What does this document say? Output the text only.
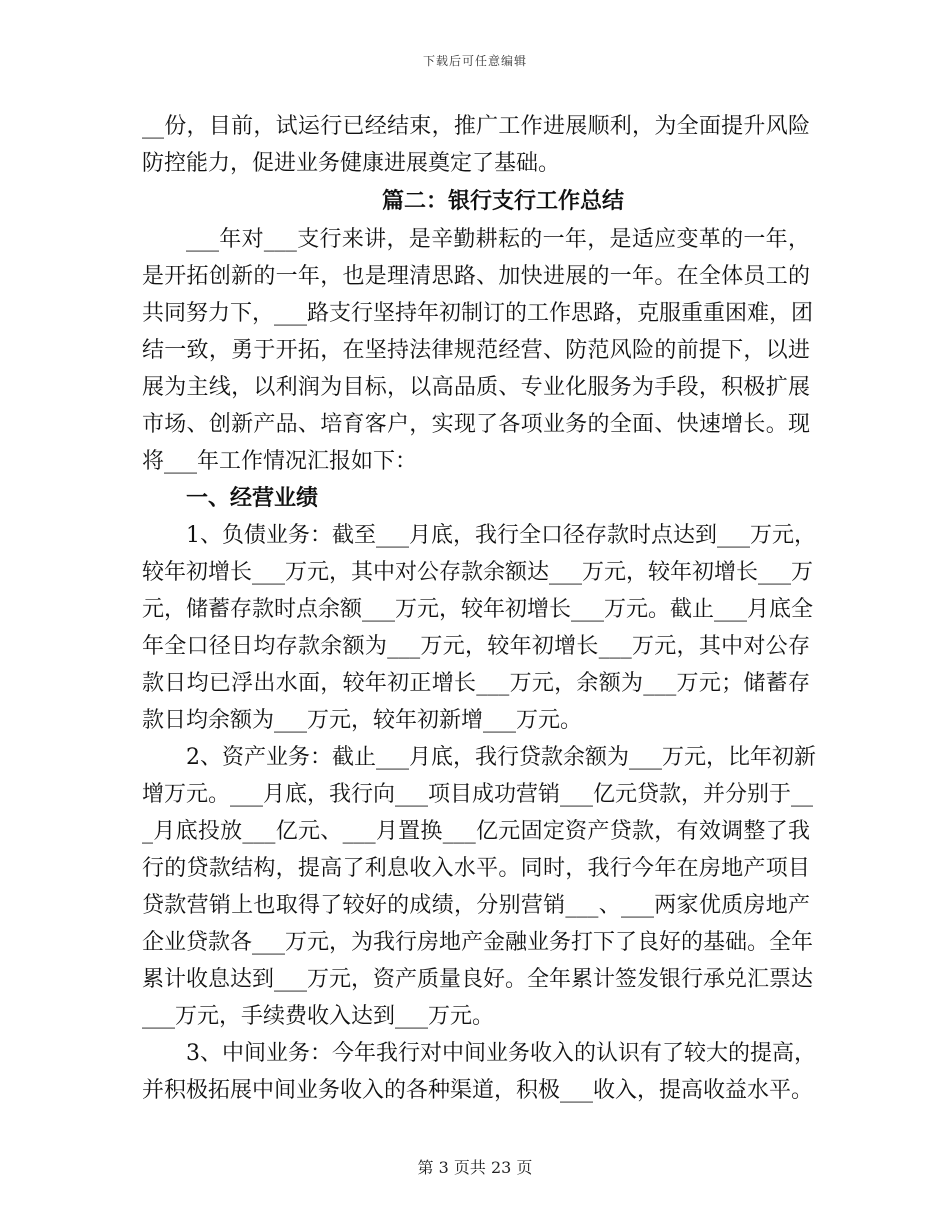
下载后可任意编辑
__份，目前，试运行已经结束，推广工作进展顺利，为全面提升风险
防控能力，促进业务健康进展奠定了基础。
篇二：银行支行工作总结
___年对___支行来讲，是辛勤耕耘的一年，是适应变革的一年，
是开拓创新的一年，也是理清思路、加快进展的一年。在全体员工的
共同努力下，___路支行坚持年初制订的工作思路，克服重重困难，团
结一致，勇于开拓，在坚持法律规范经营、防范风险的前提下，以进
展为主线，以利润为目标，以高品质、专业化服务为手段，积极扩展
市场、创新产品、培育客户，实现了各项业务的全面、快速增长。现
将___年工作情况汇报如下：
一、经营业绩
1、负债业务：截至___月底，我行全口径存款时点达到___万元，
较年初增长___万元，其中对公存款余额达___万元，较年初增长___万
元，储蓄存款时点余额___万元，较年初增长___万元。截止___月底全
年全口径日均存款余额为___万元，较年初增长___万元，其中对公存
款日均已浮出水面，较年初正增长___万元，余额为___万元；储蓄存
款日均余额为___万元，较年初新增___万元。
2、资产业务：截止___月底，我行贷款余额为___万元，比年初新
增万元。___月底，我行向___项目成功营销___亿元贷款，并分别于__
_月底投放___亿元、___月置换___亿元固定资产贷款，有效调整了我
行的贷款结构，提高了利息收入水平。同时，我行今年在房地产项目
贷款营销上也取得了较好的成绩，分别营销___、___两家优质房地产
企业贷款各___万元，为我行房地产金融业务打下了良好的基础。全年
累计收息达到___万元，资产质量良好。全年累计签发银行承兑汇票达
___万元，手续费收入达到___万元。
3、中间业务：今年我行对中间业务收入的认识有了较大的提高，
并积极拓展中间业务收入的各种渠道，积极___收入，提高收益水平。
第 3 页共 23 页
